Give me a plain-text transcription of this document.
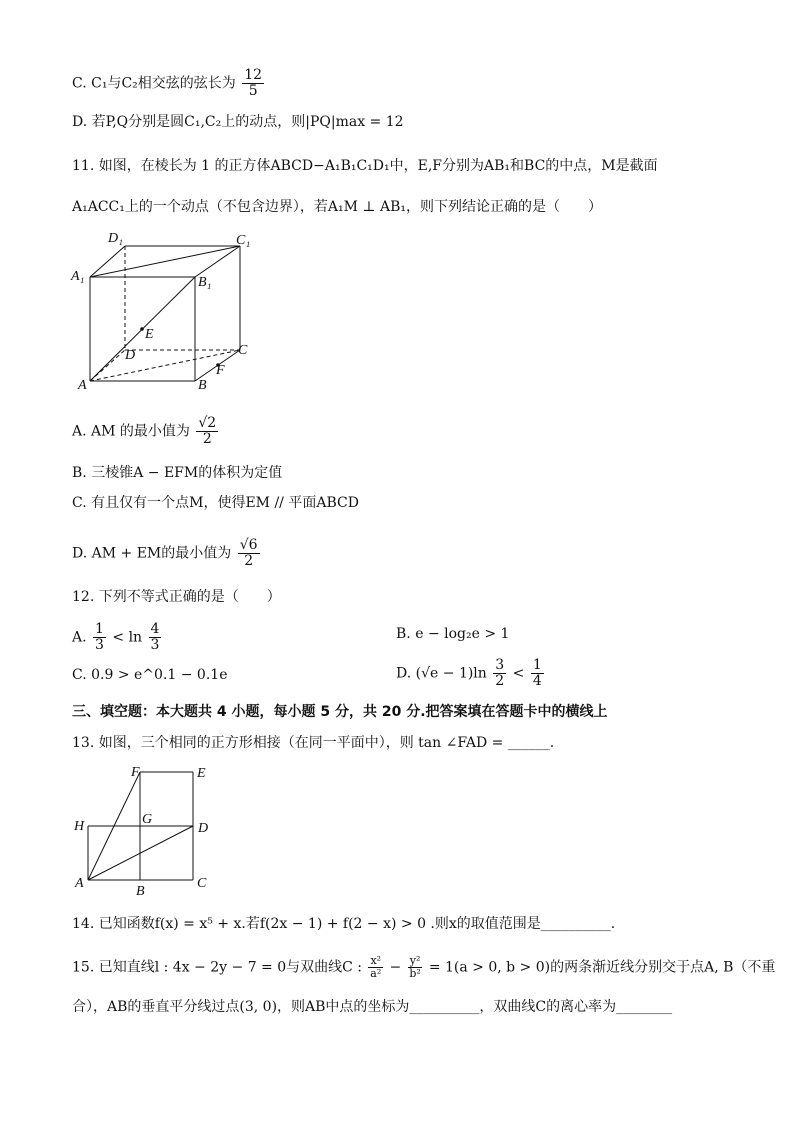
C. C₁与C₂相交弦的弦长为 $\frac{12}{5}$
D. 若P,Q分别是圆C₁,C₂上的动点，则|PQ|max = 12
11. 如图，在棱长为 1 的正方体ABCD−A₁B₁C₁D₁中，E,F分别为AB₁和BC的中点，M是截面
A₁ACC₁上的一个动点（不包含边界），若A₁M ⊥ AB₁，则下列结论正确的是（　　）
D₁	C₁
A₁	B₁
E
D	C
F
A	B
A. AM 的最小值为 $\frac{√2}{2}$
B. 三棱锥A − EFM的体积为定值
C. 有且仅有一个点M，使得EM // 平面ABCD
D. AM + EM的最小值为 $\frac{√6}{2}$
12. 下列不等式正确的是（　　）
A. $\frac{1}{3} < \ln \frac{4}{3}$	B. e − log₂e > 1
C. 0.9 > e^0.1 − 0.1e	D. $(√e - 1)\ln \frac{3}{2} < \frac{1}{4}$
三、填空题：本大题共 4 小题，每小题 5 分，共 20 分.把答案填在答题卡中的横线上
13. 如图，三个相同的正方形相接（在同一平面中），则 tan ∠FAD = ______.
F	E
H	G
D
A
B
C
14. 已知函数f(x) = x⁵ + x.若f(2x − 1) + f(2 − x) > 0 .则x的取值范围是__________.
15. 已知直线l : 4x − 2y − 7 = 0与双曲线C : $\frac{\text{x²}}{\text{a²}} - \frac{\text{y²}}{\text{b²}} = 1(a > 0$, b > 0)的两条渐近线分别交于点A, B（不重
合），AB的垂直平分线过点(3, 0)，则AB中点的坐标为__________，双曲线C的离心率为________
